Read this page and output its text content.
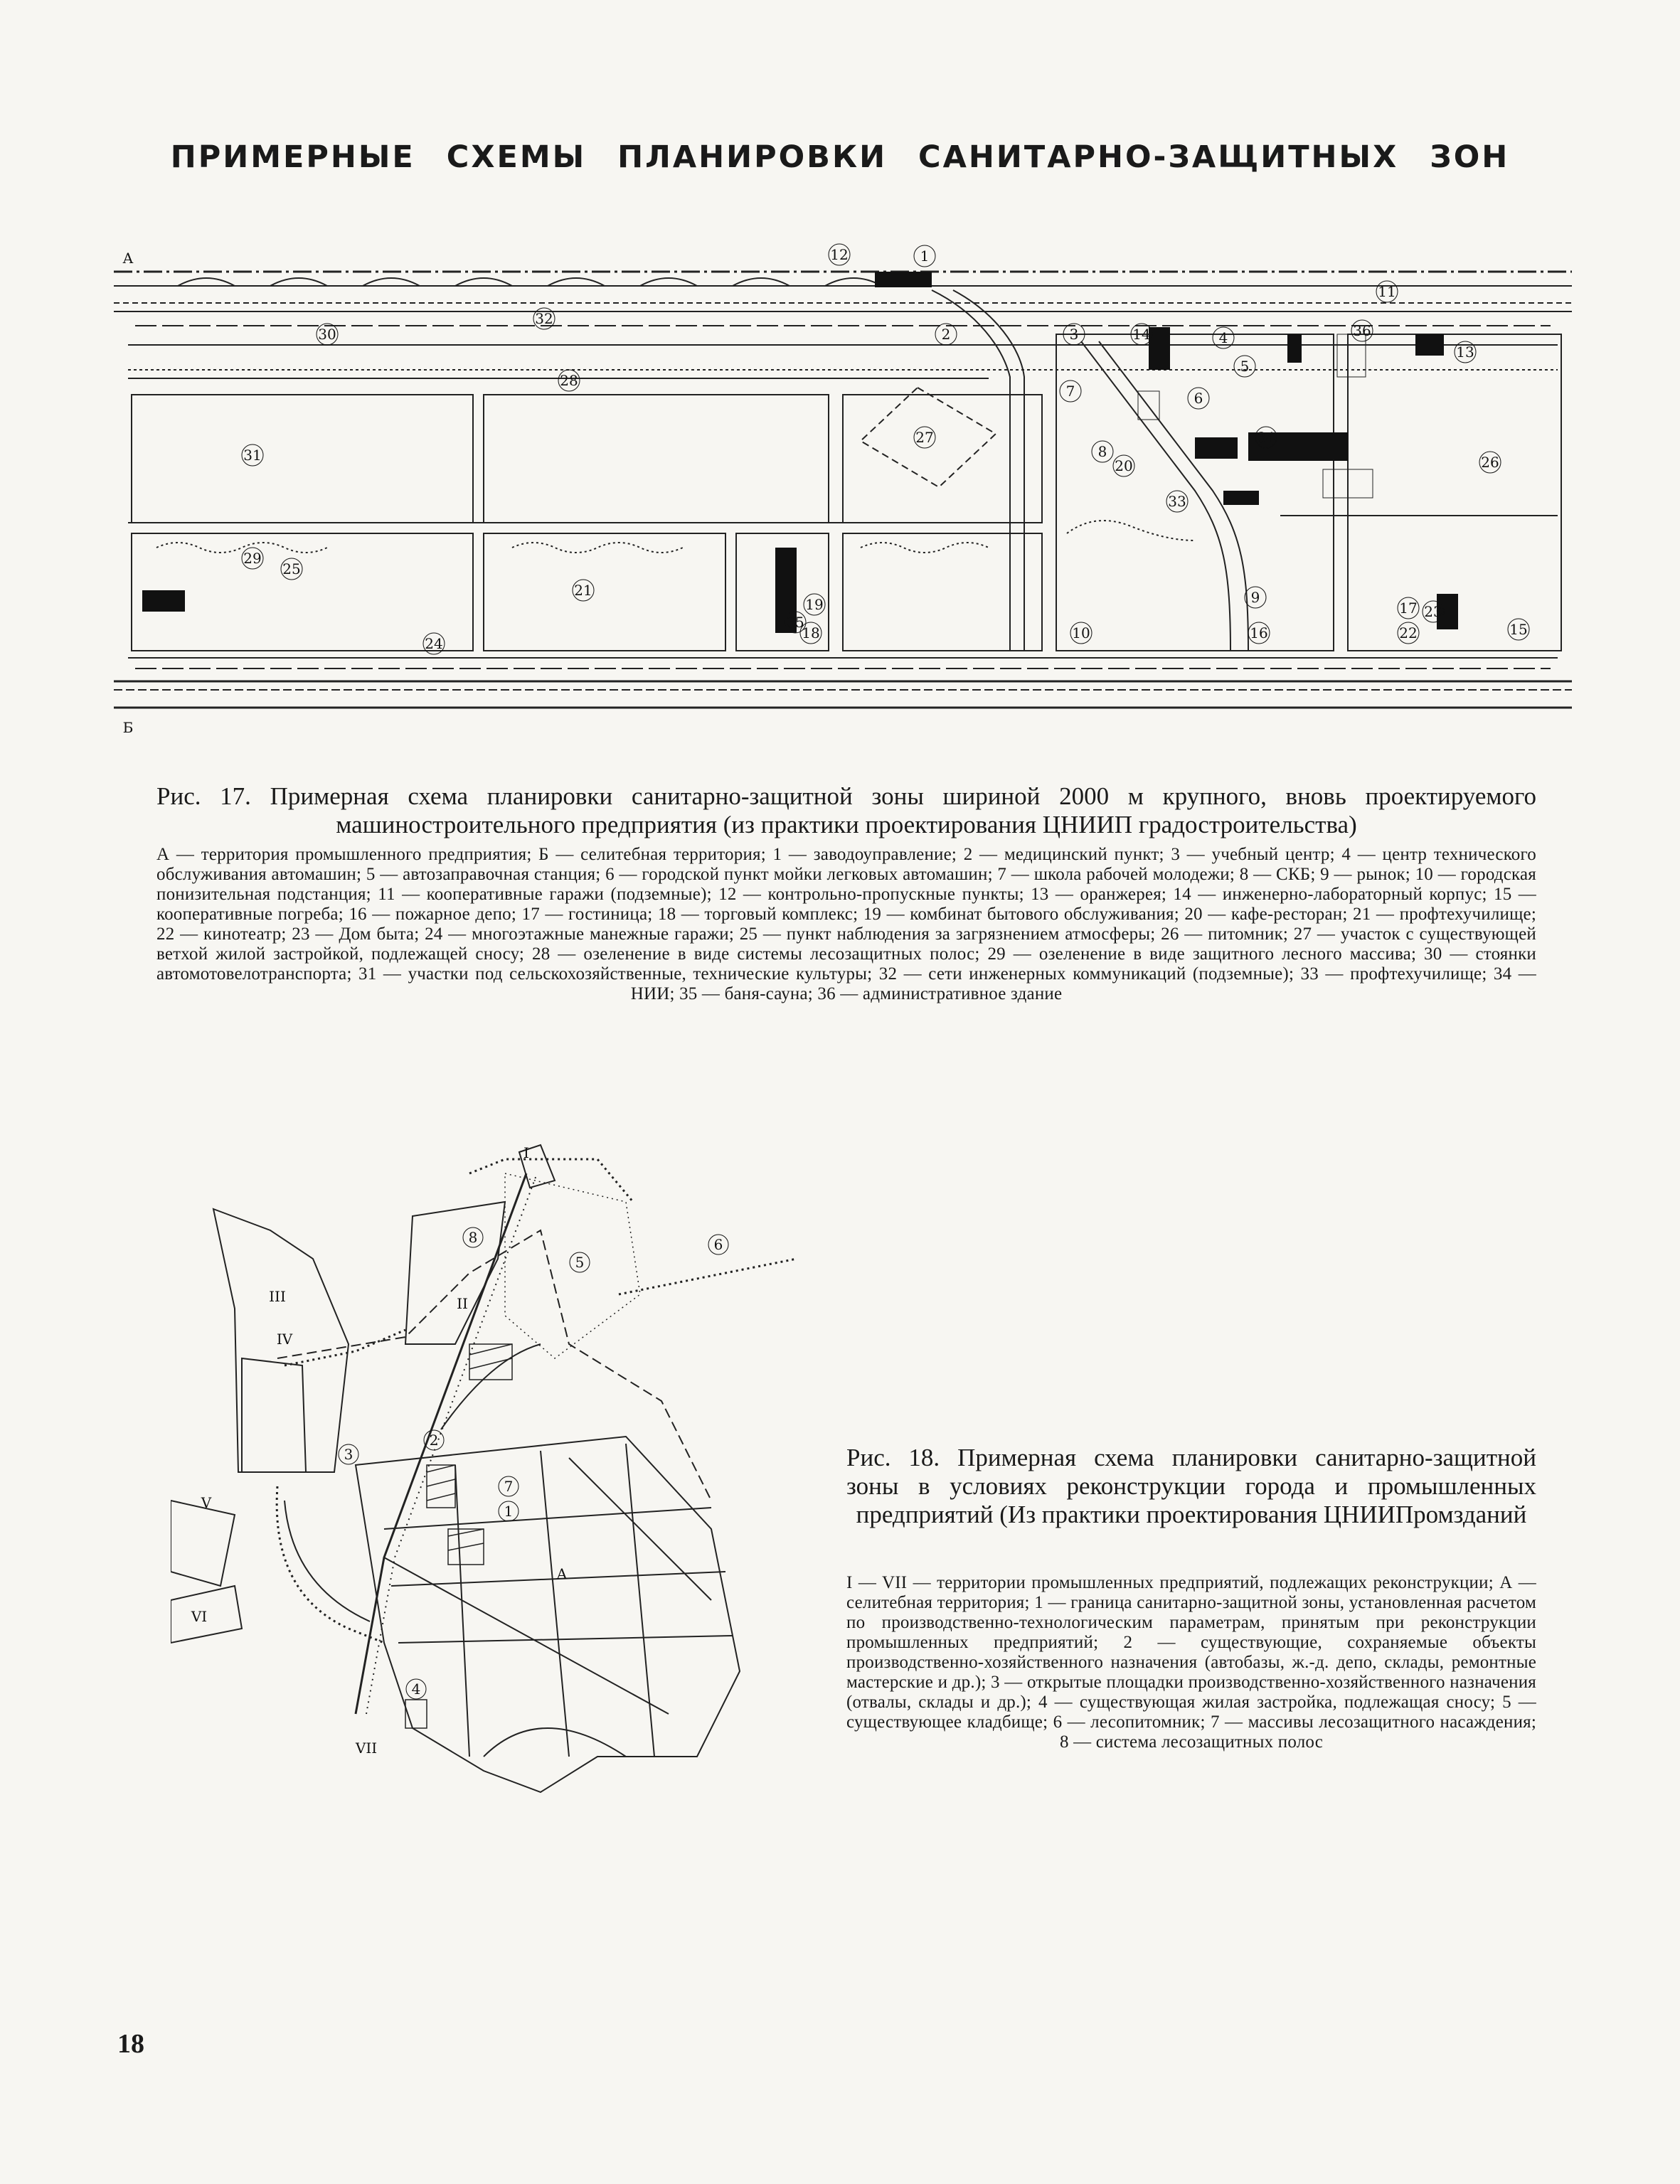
ПРИМЕРНЫЕ СХЕМЫ ПЛАНИРОВКИ САНИТАРНО-ЗАЩИТНЫХ ЗОН
А
Б
1
2	3	4
5
6
7
8
9
10
11
12
13
14
15
16
17
18
19
20
21
22
23
24
25
26
27
28
29
30
31
32
33
34
35
36
Рис. 17. Примерная схема планировки санитарно-защитной зоны шириной 2000 м крупного, вновь проектируемого машиностроительного предприятия (из практики проектирования ЦНИИП градостроительства)
А — территория промышленного предприятия; Б — селитебная территория; 1 — заводоуправление; 2 — медицинский пункт; 3 — учебный центр; 4 — центр технического обслуживания автомашин; 5 — автозаправочная станция; 6 — городской пункт мойки легковых автомашин; 7 — школа рабочей молодежи; 8 — СКБ; 9 — рынок; 10 — городская понизительная подстанция; 11 — кооперативные гаражи (подземные); 12 — контрольно-пропускные пункты; 13 — оранжерея; 14 — инженерно-лабораторный корпус; 15 — кооперативные погреба; 16 — пожарное депо; 17 — гостиница; 18 — торговый комплекс; 19 — комбинат бытового обслуживания; 20 — кафе-ресторан; 21 — профтехучилище; 22 — кинотеатр; 23 — Дом быта; 24 — многоэтажные манежные гаражи; 25 — пункт наблюдения за загрязнением атмосферы; 26 — питомник; 27 — участок с существующей ветхой жилой застройкой, подлежащей сносу; 28 — озеленение в виде системы лесозащитных полос; 29 — озеленение в виде защитного лесного массива; 30 — стоянки автомотовелотранспорта; 31 — участки под сельскохозяйственные, технические культуры; 32 — сети инженерных коммуникаций (подземные); 33 — профтехучилище; 34 — НИИ; 35 — баня-сауна; 36 — административное здание
I
II
III
IV
V
VI
VII
А
1
2
3
4
5
6
7
8
Рис. 18. Примерная схема планировки санитарно-защитной зоны в условиях реконструкции города и промышленных предприятий (Из практики проектирования ЦНИИПромзданий
I — VII — территории промышленных предприятий, подлежащих реконструкции; А — селитебная территория; 1 — граница санитарно-защитной зоны, установленная расчетом по производственно-технологическим параметрам, принятым при реконструкции промышленных предприятий; 2 — существующие, сохраняемые объекты производственно-хозяйственного назначения (автобазы, ж.-д. депо, склады, ремонтные мастерские и др.); 3 — открытые площадки производственно-хозяйственного назначения (отвалы, склады и др.); 4 — существующая жилая застройка, подлежащая сносу; 5 — существующее кладбище; 6 — лесопитомник; 7 — массивы лесозащитного насаждения; 8 — система лесозащитных полос
18
